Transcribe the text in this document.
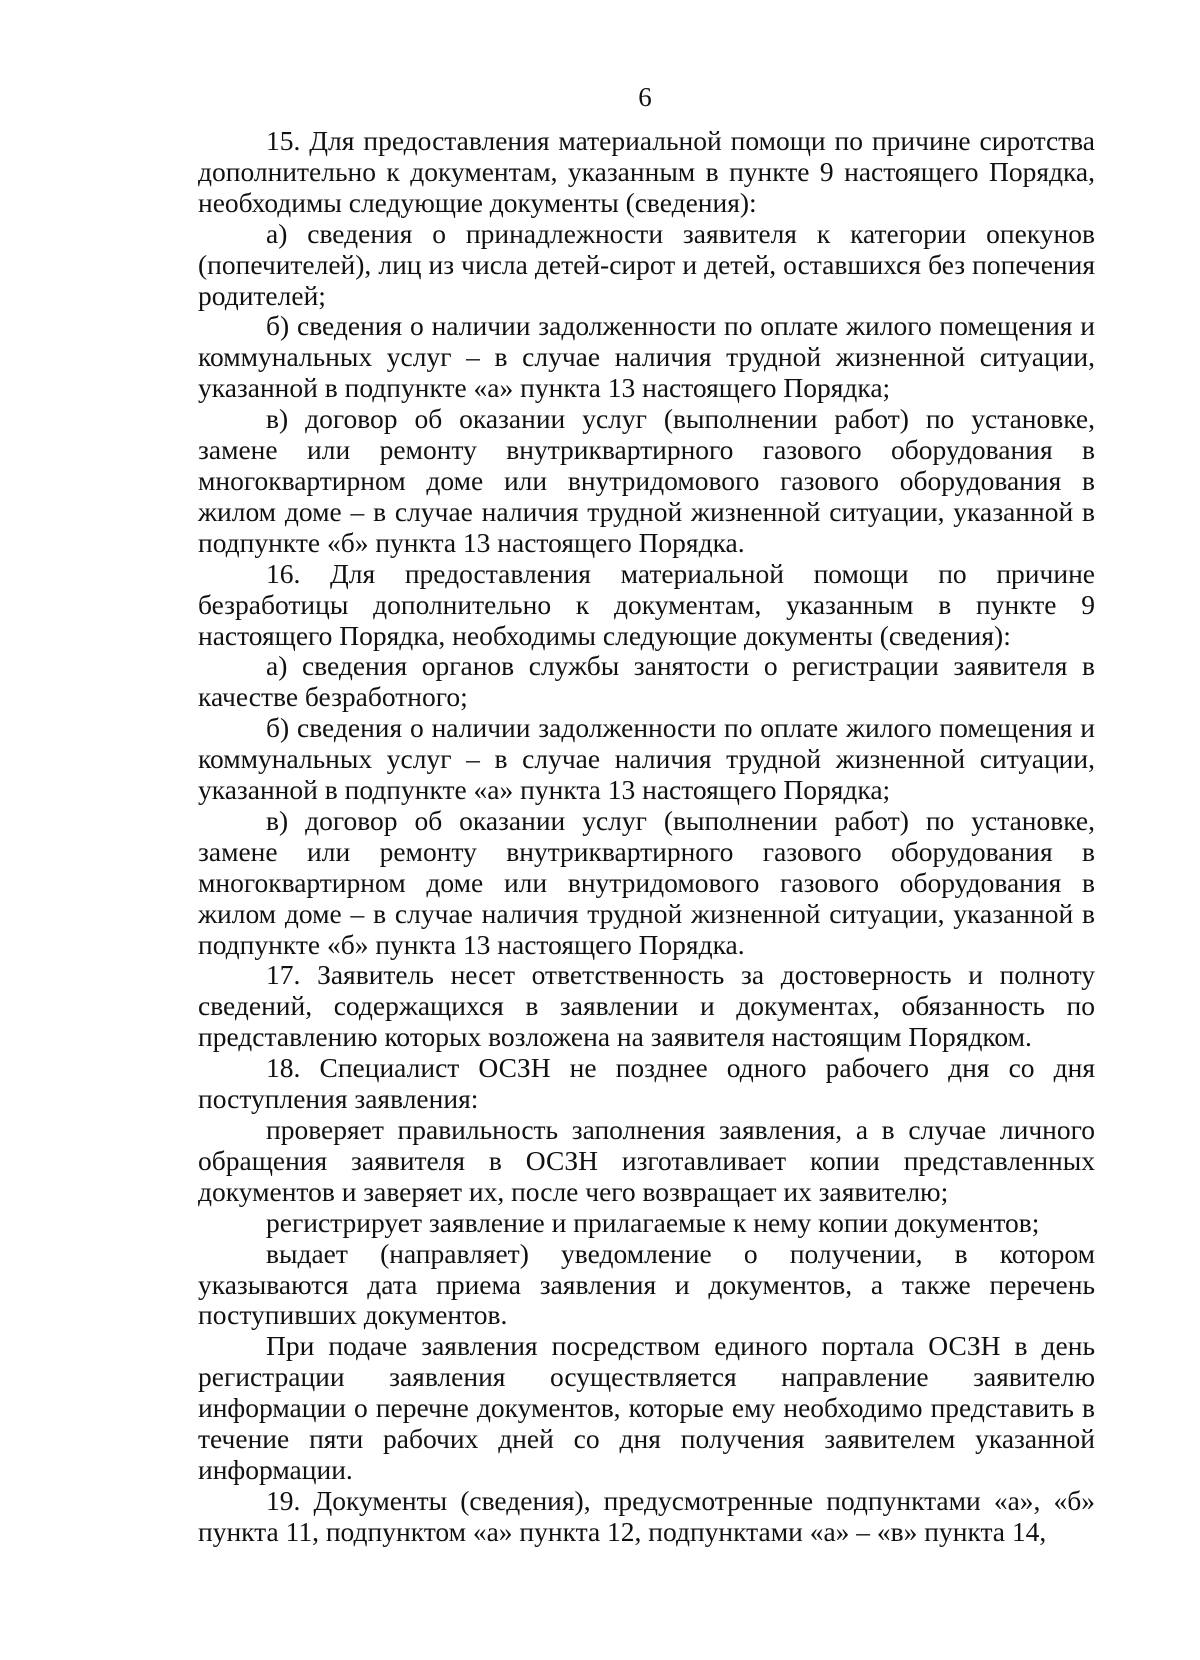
6

15. Для предоставления материальной помощи по причине сиротства дополнительно к документам, указанным в пункте 9 настоящего Порядка, необходимы следующие документы (сведения):

а) сведения о принадлежности заявителя к категории опекунов (попечителей), лиц из числа детей-сирот и детей, оставшихся без попечения родителей;

б) сведения о наличии задолженности по оплате жилого помещения и коммунальных услуг – в случае наличия трудной жизненной ситуации, указанной в подпункте «а» пункта 13 настоящего Порядка;

в) договор об оказании услуг (выполнении работ) по установке, замене или ремонту внутриквартирного газового оборудования в многоквартирном доме или внутридомового газового оборудования в жилом доме – в случае наличия трудной жизненной ситуации, указанной в подпункте «б» пункта 13 настоящего Порядка.

16. Для предоставления материальной помощи по причине безработицы дополнительно к документам, указанным в пункте 9 настоящего Порядка, необходимы следующие документы (сведения):

а) сведения органов службы занятости о регистрации заявителя в качестве безработного;

б) сведения о наличии задолженности по оплате жилого помещения и коммунальных услуг – в случае наличия трудной жизненной ситуации, указанной в подпункте «а» пункта 13 настоящего Порядка;

в) договор об оказании услуг (выполнении работ) по установке, замене или ремонту внутриквартирного газового оборудования в многоквартирном доме или внутридомового газового оборудования в жилом доме – в случае наличия трудной жизненной ситуации, указанной в подпункте «б» пункта 13 настоящего Порядка.

17. Заявитель несет ответственность за достоверность и полноту сведений, содержащихся в заявлении и документах, обязанность по представлению которых возложена на заявителя настоящим Порядком.

18. Специалист ОСЗН не позднее одного рабочего дня со дня поступления заявления:

проверяет правильность заполнения заявления, а в случае личного обращения заявителя в ОСЗН изготавливает копии представленных документов и заверяет их, после чего возвращает их заявителю;

регистрирует заявление и прилагаемые к нему копии документов;

выдает (направляет) уведомление о получении, в котором указываются дата приема заявления и документов, а также перечень поступивших документов.

При подаче заявления посредством единого портала ОСЗН в день регистрации заявления осуществляется направление заявителю информации о перечне документов, которые ему необходимо представить в течение пяти рабочих дней со дня получения заявителем указанной информации.

19. Документы (сведения), предусмотренные подпунктами «а», «б» пункта 11, подпунктом «а» пункта 12, подпунктами «а» – «в» пункта 14,
